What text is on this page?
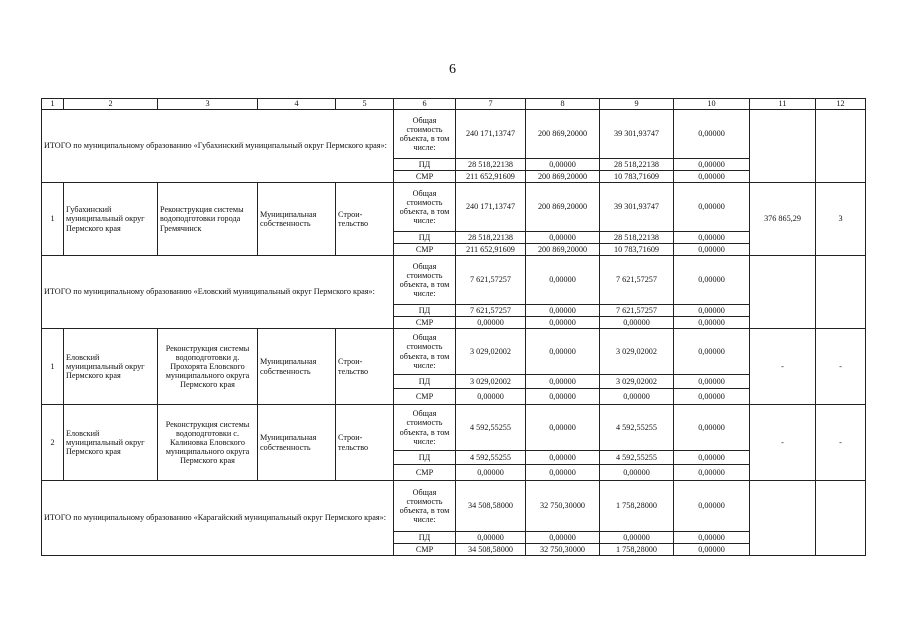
6
1	2	3	4	5	6	7	8	9	10	11	12
ИТОГО по муниципальному образованию «Губахинский муниципальный округ Пермского края»:					Общая стоимость объекта, в том числе:	240 171,13747	200 869,20000	39 301,93747	0,00000		
					ПД	28 518,22138	0,00000	28 518,22138	0,00000		
					СМР	211 652,91609	200 869,20000	10 783,71609	0,00000		
1	Губахинский муниципальный округ Пермского края	Реконструкция системы водоподготовки города Гремячинск	Муниципальная собственность	Строи-тельство	Общая стоимость объекта, в том числе:	240 171,13747	200 869,20000	39 301,93747	0,00000	376 865,29	3
					ПД	28 518,22138	0,00000	28 518,22138	0,00000		
					СМР	211 652,91609	200 869,20000	10 783,71609	0,00000		
ИТОГО по муниципальному образованию «Еловский муниципальный округ Пермского края»:					Общая стоимость объекта, в том числе:	7 621,57257	0,00000	7 621,57257	0,00000		
					ПД	7 621,57257	0,00000	7 621,57257	0,00000		
					СМР	0,00000	0,00000	0,00000	0,00000		
1	Еловский муниципальный округ Пермского края	Реконструкция системы водоподготовки д. Прохорята Еловского муниципального округа Пермского края	Муниципальная собственность	Строи-тельство	Общая стоимость объекта, в том числе:	3 029,02002	0,00000	3 029,02002	0,00000	-	-
					ПД	3 029,02002	0,00000	3 029,02002	0,00000		
					СМР	0,00000	0,00000	0,00000	0,00000		
2	Еловский муниципальный округ Пермского края	Реконструкция системы водоподготовки с. Калиновка Еловского муниципального округа Пермского края	Муниципальная собственность	Строи-тельство	Общая стоимость объекта, в том числе:	4 592,55255	0,00000	4 592,55255	0,00000	-	-
					ПД	4 592,55255	0,00000	4 592,55255	0,00000		
					СМР	0,00000	0,00000	0,00000	0,00000		
ИТОГО по муниципальному образованию «Карагайский муниципальный округ Пермского края»:					Общая стоимость объекта, в том числе:	34 508,58000	32 750,30000	1 758,28000	0,00000		
					ПД	0,00000	0,00000	0,00000	0,00000		
					СМР	34 508,58000	32 750,30000	1 758,28000	0,00000		
